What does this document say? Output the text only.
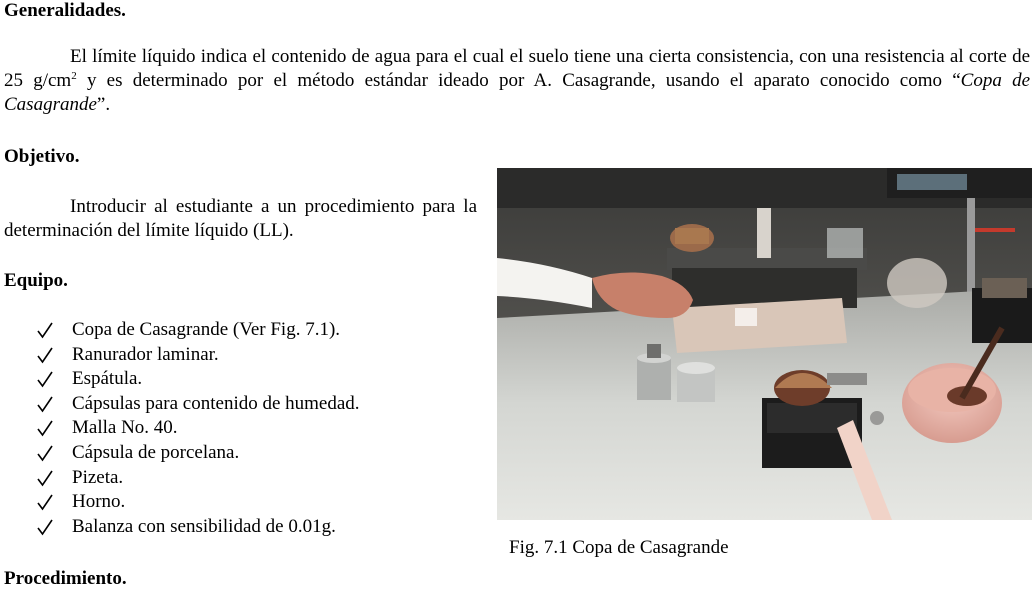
Generalidades.

El límite líquido indica el contenido de agua para el cual el suelo tiene una cierta consistencia, con una resistencia al corte de 25 $g/cm^2$ y es determinado por el método estándar ideado por A. Casagrande, usando el aparato conocido como “Copa de Casagrande”.

Objetivo.

Introducir al estudiante a un procedimiento para la determinación del límite líquido (LL).

Equipo.
Copa de Casagrande (Ver Fig. 7.1).
Ranurador laminar.
Espátula.
Cápsulas para contenido de humedad.
Malla No. 40.
Cápsula de porcelana.
Pizeta.
Horno.
Balanza con sensibilidad de 0.01g.

Fig. 7.1 Copa de Casagrande

Procedimiento.
